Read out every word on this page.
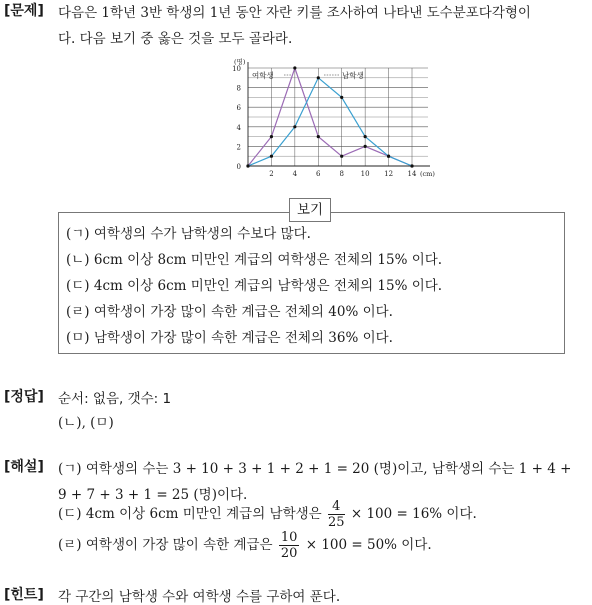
[문제] 다음은 1학년 3반 학생의 1년 동안 자란 키를 조사하여 나타낸 도수분포다각형이
다. 다음 보기 중 옳은 것을 모두 골라라.
0
2
4
6
8
10
2	4	6	8 10 12 14
(명)
(cm)
여학생	남학생
보기
(ㄱ) 여학생의 수가 남학생의 수보다 많다.
(ㄴ) 6cm 이상 8cm 미만인 계급의 여학생은 전체의 15% 이다.
(ㄷ) 4cm 이상 6cm 미만인 계급의 남학생은 전체의 15% 이다.
(ㄹ) 여학생이 가장 많이 속한 계급은 전체의 40% 이다.
(ㅁ) 남학생이 가장 많이 속한 계급은 전체의 36% 이다.
[정답] 순서: 없음, 갯수: 1
(ㄴ), (ㅁ)
[해설] (ㄱ) 여학생의 수는 3 + 10 + 3 + 1 + 2 + 1 = 20 (명)이고, 남학생의 수는 1 + 4 +
9 + 7 + 3 + 1 = 25 (명)이다.
(ㄷ) 4cm 이상 6cm 미만인 계급의 남학생은 $\frac{4}{25} \times 100 = 16\%$ 이다.
(ㄹ) 여학생이 가장 많이 속한 계급은 $\frac{10}{20} \times 100 = 50\%$ 이다.
[힌트] 각 구간의 남학생 수와 여학생 수를 구하여 푼다.
